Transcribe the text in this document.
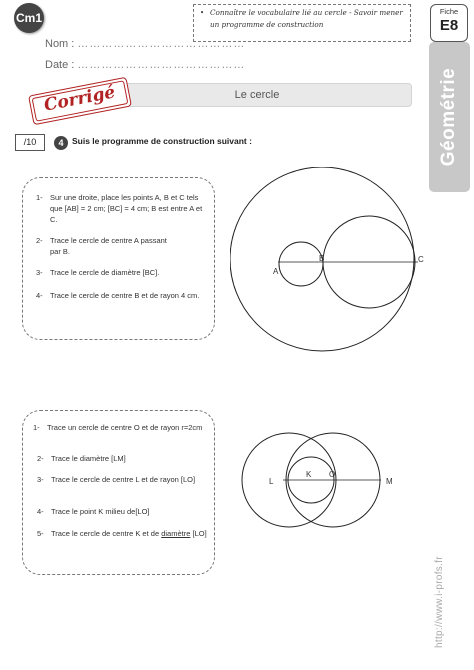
Cm1
Nom : ……………………………………
Date : ……………………………………
• Connaître le vocabulaire lié au cercle - Savoir mener un programme de construction
Fiche
E8
Géométrie
Le cercle
Corrigé
/10	4	Suis le programme de construction suivant :
1- Sur une droite, place les points A, B et C tels que [AB] = 2 cm; [BC] = 4 cm; B est entre A et C.
2- Trace le cercle de centre A passant par B.
3- Trace le cercle de diamètre [BC].
4- Trace le cercle de centre B et de rayon 4 cm.
A
B	C
1- Trace un cercle de centre O et de rayon r=2cm
2- Trace le diamètre [LM]
3- Trace le cercle de centre L et de rayon [LO]
4- Trace le point K milieu de[LO]
5- Trace le cercle de centre K et de diamètre [LO]
L
K O
M
http://www.i-profs.fr
